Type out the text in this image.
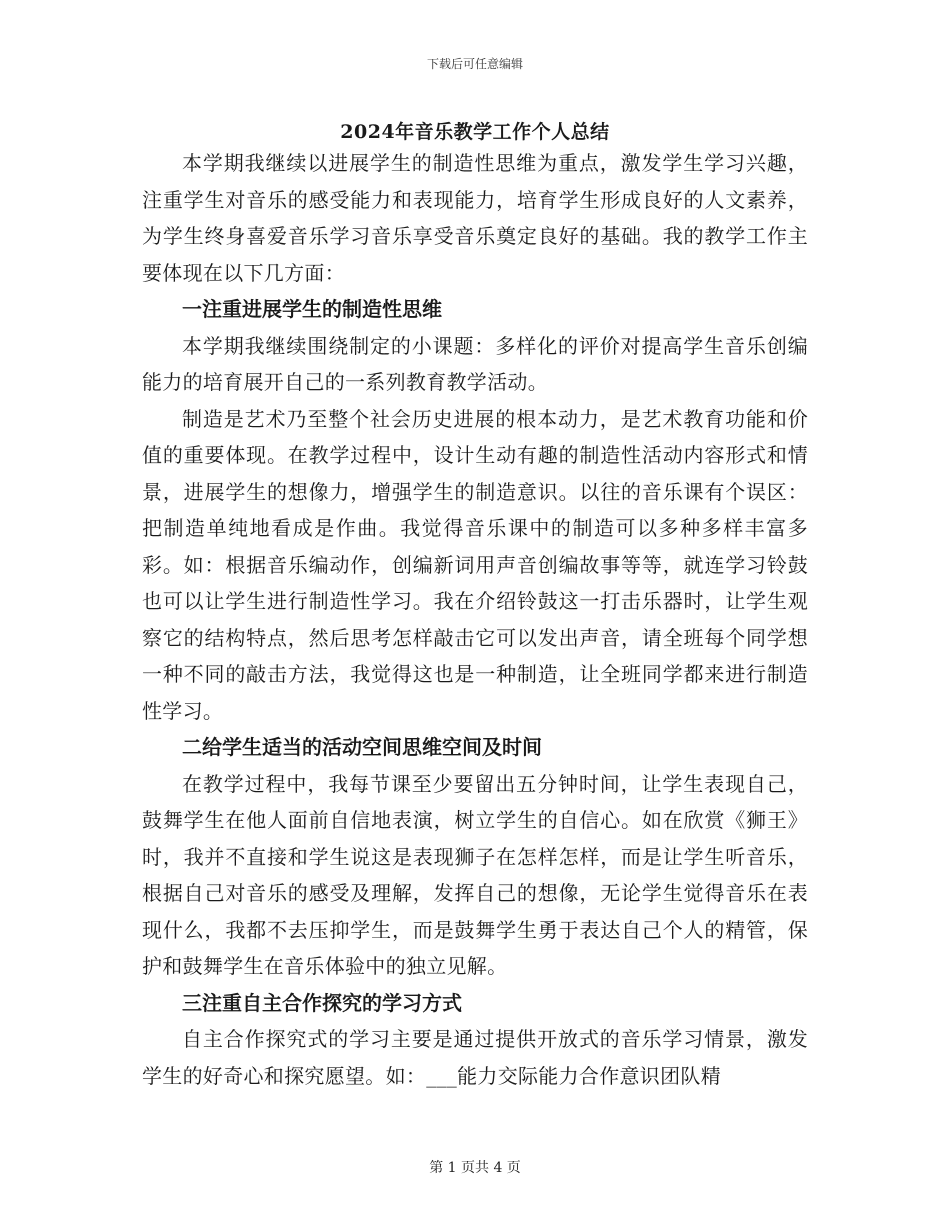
下载后可任意编辑
2024年音乐教学工作个人总结

本学期我继续以进展学生的制造性思维为重点，激发学生学习兴趣，注重学生对音乐的感受能力和表现能力，培育学生形成良好的人文素养，为学生终身喜爱音乐学习音乐享受音乐奠定良好的基础。我的教学工作主要体现在以下几方面：

一注重进展学生的制造性思维

本学期我继续围绕制定的小课题：多样化的评价对提高学生音乐创编能力的培育展开自己的一系列教育教学活动。

制造是艺术乃至整个社会历史进展的根本动力，是艺术教育功能和价值的重要体现。在教学过程中，设计生动有趣的制造性活动内容形式和情景，进展学生的想像力，增强学生的制造意识。以往的音乐课有个误区：把制造单纯地看成是作曲。我觉得音乐课中的制造可以多种多样丰富多彩。如：根据音乐编动作，创编新词用声音创编故事等等，就连学习铃鼓也可以让学生进行制造性学习。我在介绍铃鼓这一打击乐器时，让学生观察它的结构特点，然后思考怎样敲击它可以发出声音，请全班每个同学想一种不同的敲击方法，我觉得这也是一种制造，让全班同学都来进行制造性学习。

二给学生适当的活动空间思维空间及时间

在教学过程中，我每节课至少要留出五分钟时间，让学生表现自己，鼓舞学生在他人面前自信地表演，树立学生的自信心。如在欣赏《狮王》时，我并不直接和学生说这是表现狮子在怎样怎样，而是让学生听音乐，根据自己对音乐的感受及理解，发挥自己的想像，无论学生觉得音乐在表现什么，我都不去压抑学生，而是鼓舞学生勇于表达自己个人的精管，保护和鼓舞学生在音乐体验中的独立见解。

三注重自主合作探究的学习方式

自主合作探究式的学习主要是通过提供开放式的音乐学习情景，激发学生的好奇心和探究愿望。如：___能力交际能力合作意识团队精

第 1 页共 4 页
